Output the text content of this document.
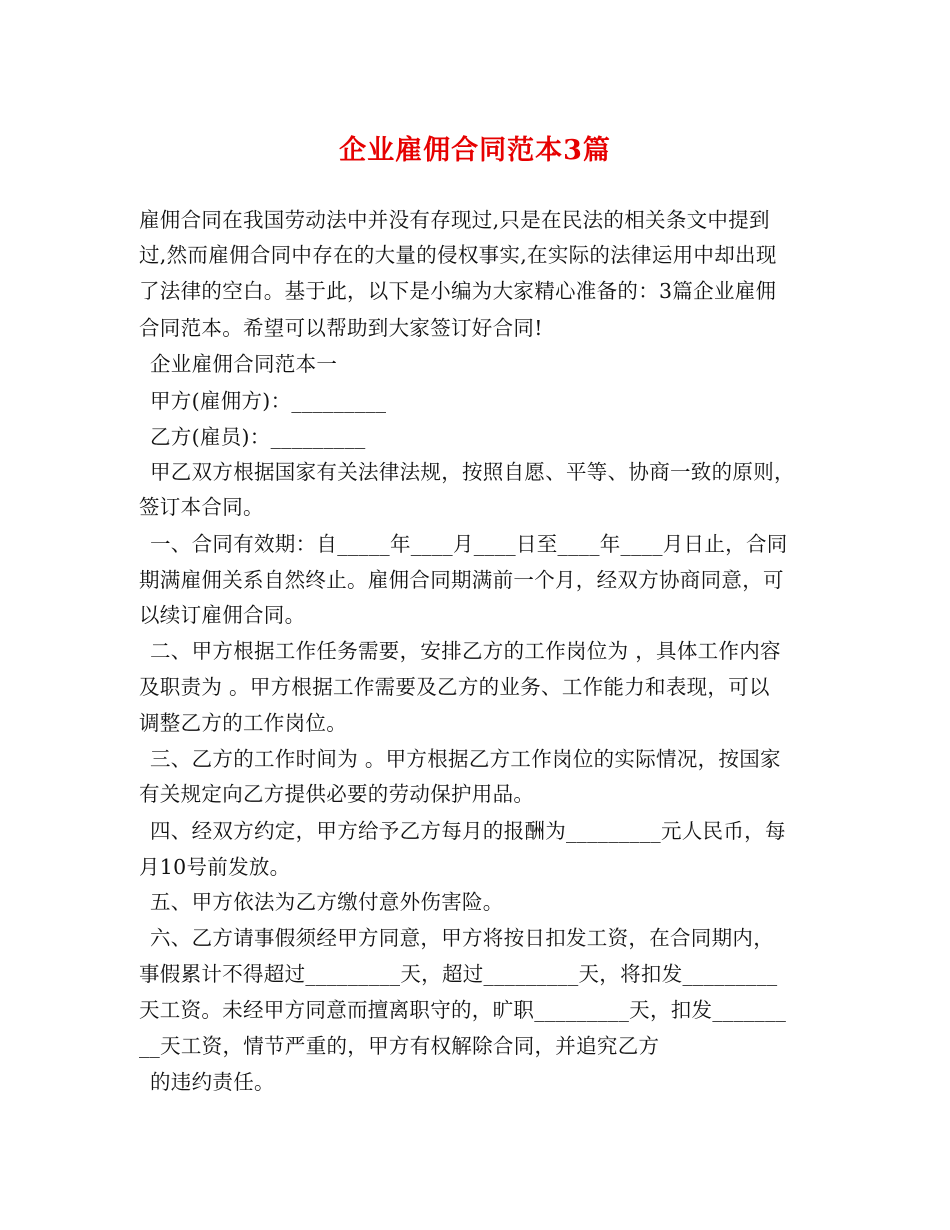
企业雇佣合同范本3篇
雇佣合同在我国劳动法中并没有存现过,只是在民法的相关条文中提到
过,然而雇佣合同中存在的大量的侵权事实,在实际的法律运用中却出现
了法律的空白。基于此，以下是小编为大家精心准备的：3篇企业雇佣
合同范本。希望可以帮助到大家签订好合同!
企业雇佣合同范本一
甲方(雇佣方)：_________
乙方(雇员)：_________
甲乙双方根据国家有关法律法规，按照自愿、平等、协商一致的原则，
签订本合同。
一、合同有效期：自_____年____月____日至____年____月日止，合同
期满雇佣关系自然终止。雇佣合同期满前一个月，经双方协商同意，可
以续订雇佣合同。
二、甲方根据工作任务需要，安排乙方的工作岗位为 ，具体工作内容
及职责为 。甲方根据工作需要及乙方的业务、工作能力和表现，可以
调整乙方的工作岗位。
三、乙方的工作时间为 。甲方根据乙方工作岗位的实际情况，按国家
有关规定向乙方提供必要的劳动保护用品。
四、经双方约定，甲方给予乙方每月的报酬为_________元人民币，每
月10号前发放。
五、甲方依法为乙方缴付意外伤害险。
六、乙方请事假须经甲方同意，甲方将按日扣发工资，在合同期内，
事假累计不得超过_________天，超过_________天，将扣发_________
天工资。未经甲方同意而擅离职守的，旷职_________天，扣发_______
__天工资，情节严重的，甲方有权解除合同，并追究乙方
的违约责任。
